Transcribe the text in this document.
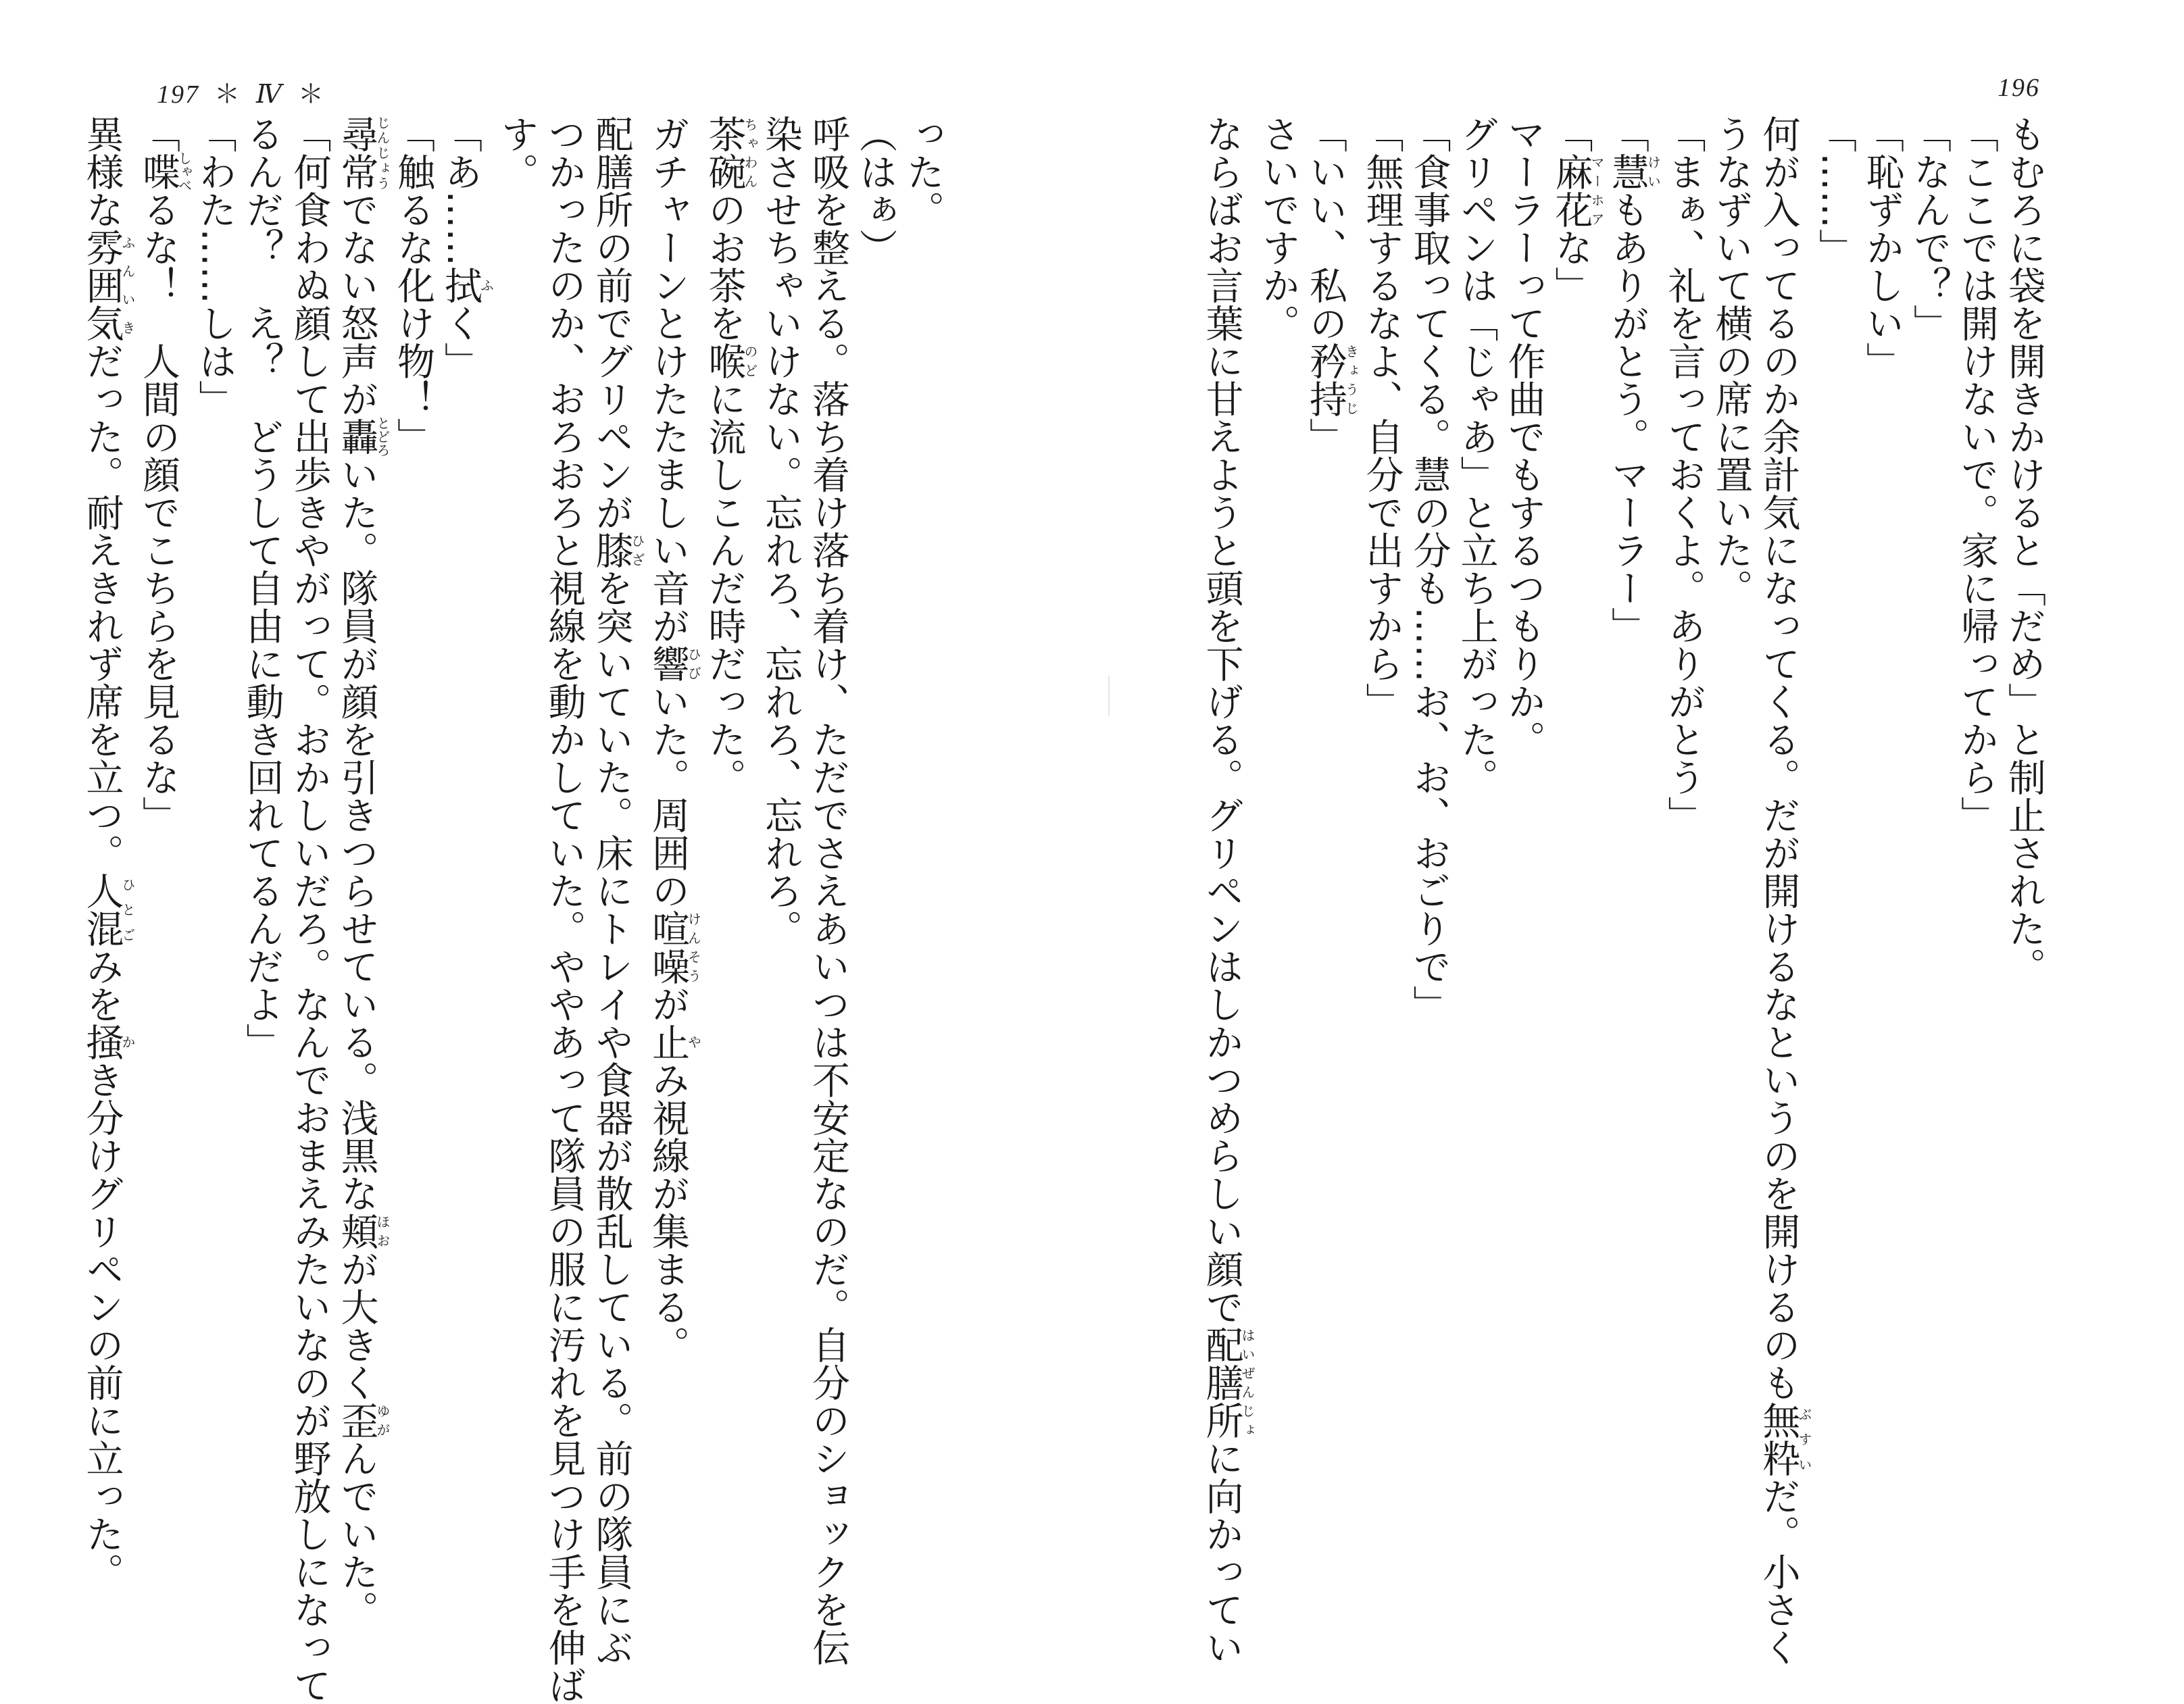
197 ＊ Ⅳ ＊	196
もむろに袋を開きかけると「だめ」と制止された。
「ここでは開けないで。家に帰ってから」
「なんで？」
「恥ずかしい」
「……」
何が入ってるのか余計気になってくる。だが開けるなというのを開けるのも無粋ぶすいだ。小さく
うなずいて横の席に置いた。
「まぁ、礼を言っておくよ。ありがとう」
「慧けいもありがとう。マーラー」
「麻花マーホアな」
マーラーって作曲でもするつもりか。
グリペンは「じゃあ」と立ち上がった。
「食事取ってくる。慧の分も……お、お、おごりで」
「無理するなよ、自分で出すから」
「いい、私の矜持きょうじ」
さいですか。
ならばお言葉に甘えようと頭を下げる。グリペンはしかつめらしい顔で配膳所はいぜんじょに向かってい
った。
（はぁ）
呼吸を整える。落ち着け落ち着け、ただでさえあいつは不安定なのだ。自分のショックを伝
染させちゃいけない。忘れろ、忘れろ、忘れろ。
茶碗ちゃわんのお茶を喉のどに流しこんだ時だった。
ガチャーンとけたたましい音が響ひびいた。周囲の喧噪けんそうが止やみ視線が集まる。
配膳所の前でグリペンが膝ひざを突いていた。床にトレイや食器が散乱している。前の隊員にぶ
つかったのか、おろおろと視線を動かしていた。ややあって隊員の服に汚れを見つけ手を伸ば
す。
「あ……拭ふく」
「触るな化け物！」
尋常じんじょうでない怒声が轟とどろいた。隊員が顔を引きつらせている。浅黒な頬ほおが大きく歪ゆがんでいた。
「何食わぬ顔して出歩きやがって。おかしいだろ。なんでおまえみたいなのが野放しになって
るんだ？　え？　どうして自由に動き回れてるんだよ」
「わた……しは」
「喋しゃべるな！　人間の顔でこちらを見るな」
異様な雰囲気ふんいきだった。耐えきれず席を立つ。人混ひとごみを掻かき分けグリペンの前に立った。
